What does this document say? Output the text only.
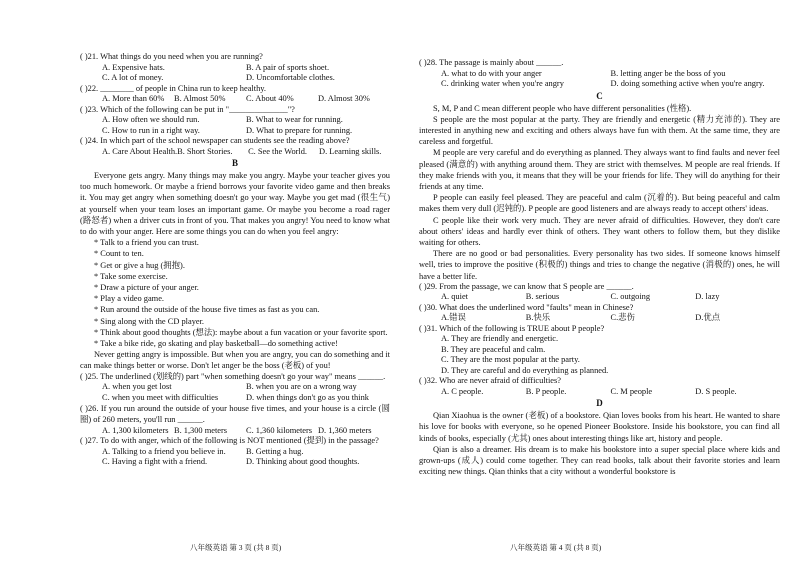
( )21. What things do you need when you are running?
A. Expensive hats.	B. A pair of sports shoet.
C. A lot of money.	D. Uncomfortable clothes.
( )22. ________ of people in China run to keep healthy.
A. More than 60%	B. Almost 50%	C. About 40%	D. Almost 30%
( )23. Which of the following can be put in "______________"?
A. How often we should run.	B. What to wear for running.
C. How to run in a right way.	D. What to prepare for running.
( )24. In which part of the school newspaper can students see the reading above?
A. Care About Health. B. Short Stories.	C. See the World.	D. Learning skills.
B

Everyone gets angry. Many things may make you angry. Maybe your teacher gives you too much homework. Or maybe a friend borrows your favorite video game and then breaks it. You may get angry when something doesn't go your way. Maybe you get mad (很生气) at yourself when your team loses an important game. Or maybe you become a road rager (路怒者) when a driver cuts in front of you. That makes you angry! You need to know what to do with your anger. Here are some things you can do when you feel angry:

* Talk to a friend you can trust.
* Count to ten.
* Get or give a hug (拥抱).
* Take some exercise.
* Draw a picture of your anger.
* Play a video game.
* Run around the outside of the house five times as fast as you can.
* Sing along with the CD player.
* Think about good thoughts (想法): maybe about a fun vacation or your favorite sport.
* Take a bike ride, go skating and play basketball—do something active!

Never getting angry is impossible. But when you are angry, you can do something and it can make things better or worse. Don't let anger be the boss (老板) of you!

( )25. The underlined (划线的) part "when something doesn't go your way" means ______.
A. when you get lost	B. when you are on a wrong way
C. when you meet with difficulties	D. when things don't go as you think

( )26. If you run around the outside of your house five times, and your house is a circle (圆圈) of 260 meters, you'll run ______.

A. 1,300 kilometers B. 1,300 meters	C. 1,360 kilometers D. 1,360 meters
( )27. To do with anger, which of the following is NOT mentioned (提到) in the passage?
A. Talking to a friend you believe in.	B. Getting a hug.
C. Having a fight with a friend.	D. Thinking about good thoughts.
八年级英语 第 3 页 (共 8 页)
( )28. The passage is mainly about ______.
A. what to do with your anger	B. letting anger be the boss of you
C. drinking water when you're angry	D. doing something active when you're angry.
C

S, M, P and C mean different people who have different personalities (性格).

S people are the most popular at the party. They are friendly and energetic (精力充沛的). They are interested in anything new and exciting and others always have fun with them. At the same time, they are careless and forgetful.

M people are very careful and do everything as planned. They always want to find faults and never feel pleased (满意的) with anything around them. They are strict with themselves. M people are real friends. If they make friends with you, it means that they will be your friends for life. They will do anything for their friends at any time.

P people can easily feel pleased. They are peaceful and calm (沉着的). But being peaceful and calm makes them very dull (迟钝的). P people are good listeners and are always ready to accept others' ideas.

C people like their work very much. They are never afraid of difficulties. However, they don't care about others' ideas and hardly ever think of others. They want others to follow them, but they dislike waiting for others.

There are no good or bad personalities. Every personality has two sides. If someone knows himself well, tries to improve the positive (积极的) things and tries to change the negative (消极的) ones, he will have a better life.

( )29. From the passage, we can know that S people are ______.
A. quiet	B. serious	C. outgoing	D. lazy
( )30. What does the underlined word "faults" mean in Chinese?
A.错误	B.快乐	C.悲伤	D.优点
( )31. Which of the following is TRUE about P people?
A. They are friendly and energetic.
B. They are peaceful and calm.
C. They are the most popular at the party.
D. They are careful and do everything as planned.
( )32. Who are never afraid of difficulties?
A. C people.	B. P people.	C. M people	D. S people.
D

Qian Xiaohua is the owner (老板) of a bookstore. Qian loves books from his heart. He wanted to share his love for books with everyone, so he opened Pioneer Bookstore. Inside his bookstore, you can find all kinds of books, especially (尤其) ones about interesting things like art, history and people.

Qian is also a dreamer. His dream is to make his bookstore into a super special place where kids and grown-ups (成人) could come together. They can read books, talk about their favorite stories and learn exciting new things. Qian thinks that a city without a wonderful bookstore is

八年级英语 第 4 页 (共 8 页)
